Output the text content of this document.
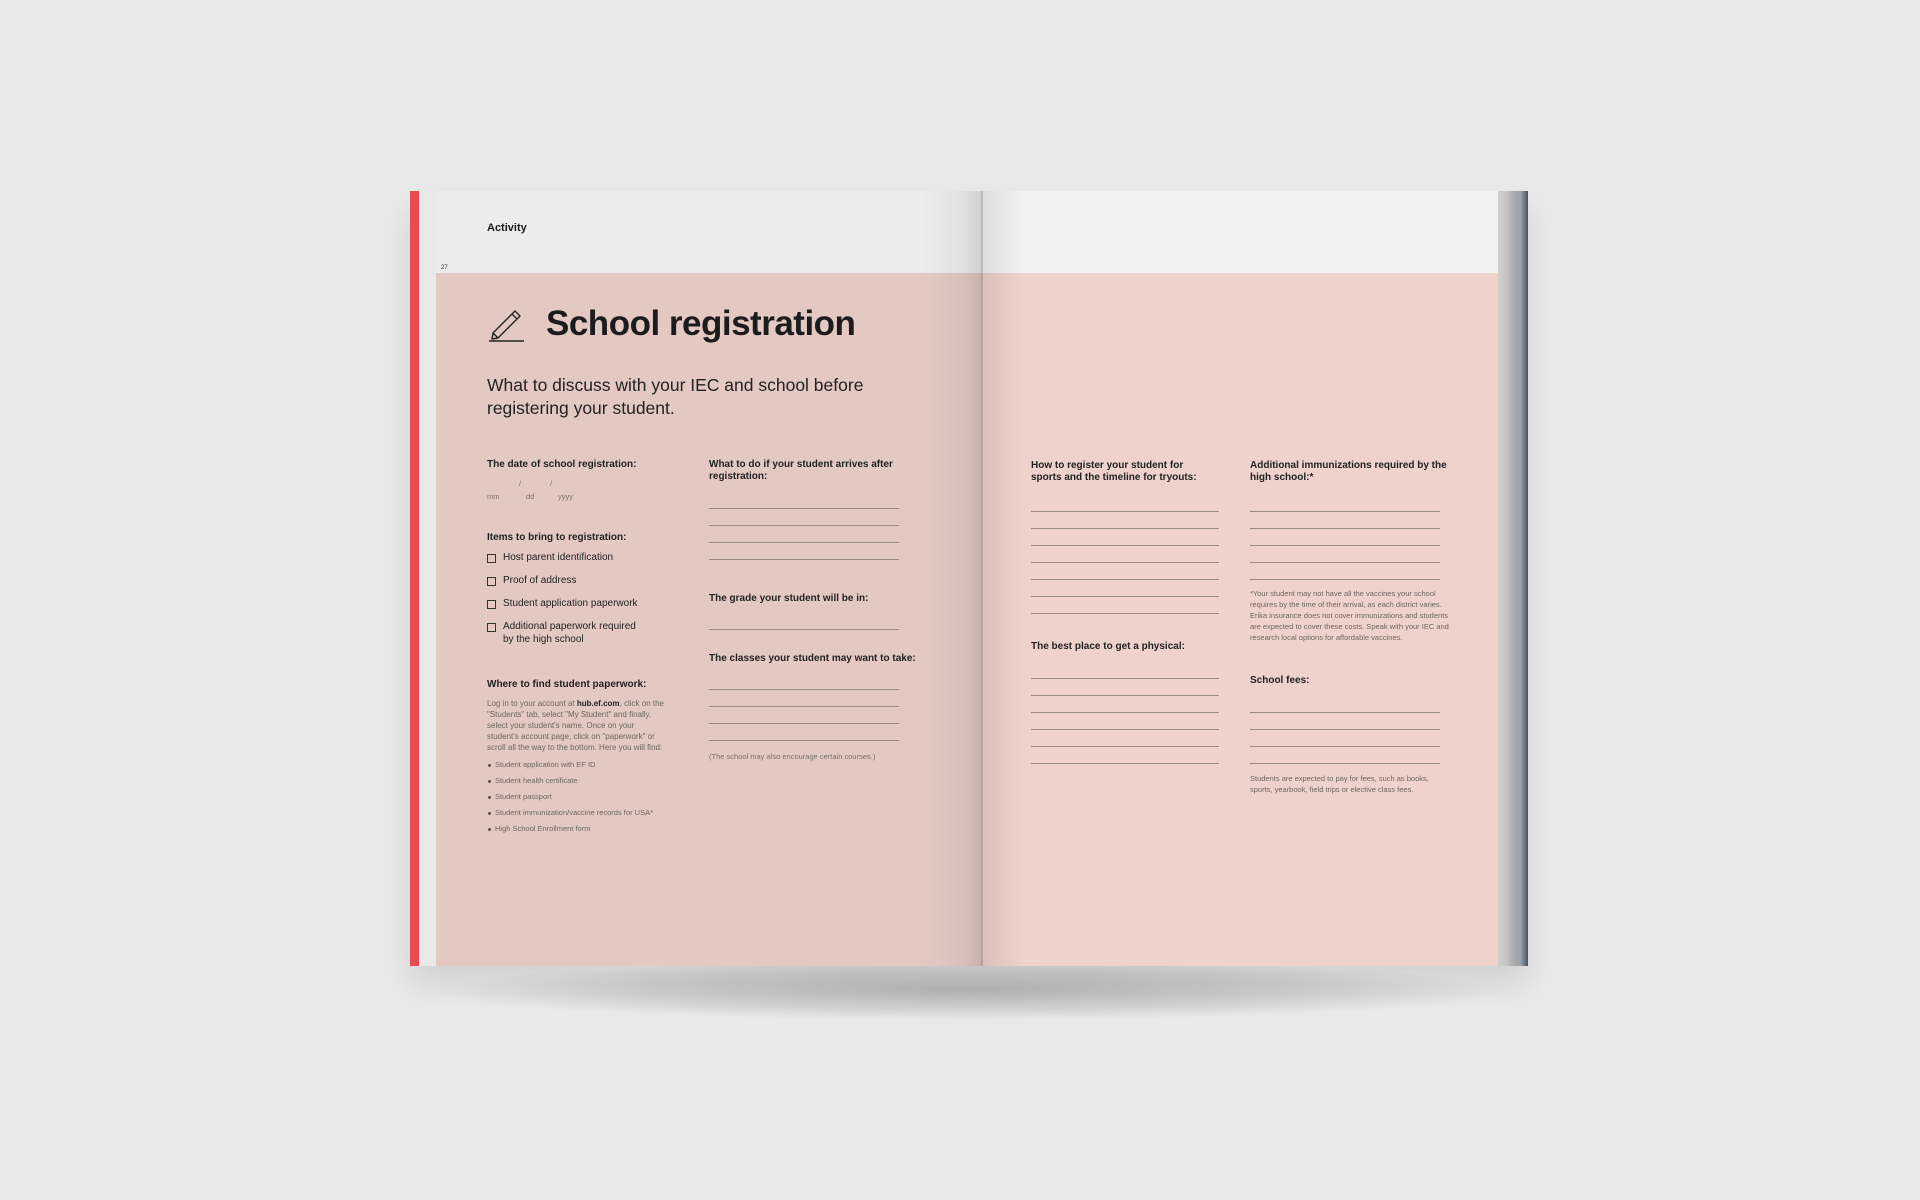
Activity
27
School registration
What to discuss with your IEC and school before registering your student.
The date of school registration:
/	/
mm	dd	yyyy
Items to bring to registration:
Host parent identification
Proof of address
Student application paperwork
Additional paperwork required by the high school
Where to find student paperwork:
Log in to your account at hub.ef.com, click on the "Students" tab, select "My Student" and finally, select your student's name. Once on your student's account page, click on "paperwork" or scroll all the way to the bottom. Here you will find:
Student application with EF ID
Student health certificate
Student passport
Student immunization/vaccine records for USA*
High School Enrollment form
What to do if your student arrives after registration:
The grade your student will be in:
The classes your student may want to take:
(The school may also encourage certain courses.)
How to register your student for sports and the timeline for tryouts:
The best place to get a physical:
Additional immunizations required by the high school:*
*Your student may not have all the vaccines your school requires by the time of their arrival, as each district varies. Erika insurance does not cover immunizations and students are expected to cover these costs. Speak with your IEC and research local options for affordable vaccines.
School fees:
Students are expected to pay for fees, such as books, sports, yearbook, field trips or elective class fees.
